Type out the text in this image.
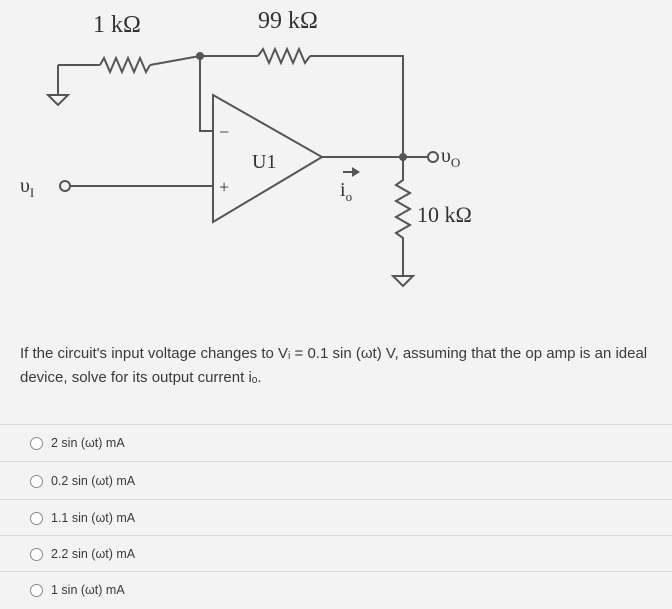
1 kΩ	99 kΩ
U1
−
+
$\upsilon_I$
$\upsilon_O$
$i_o$
10 kΩ

If the circuit's input voltage changes to Vᵢ = 0.1 sin (ωt) V, assuming that the op amp is an ideal device, solve for its output current iₒ.

2 sin (ωt) mA
0.2 sin (ωt) mA
1.1 sin (ωt) mA
2.2 sin (ωt) mA
1 sin (ωt) mA
